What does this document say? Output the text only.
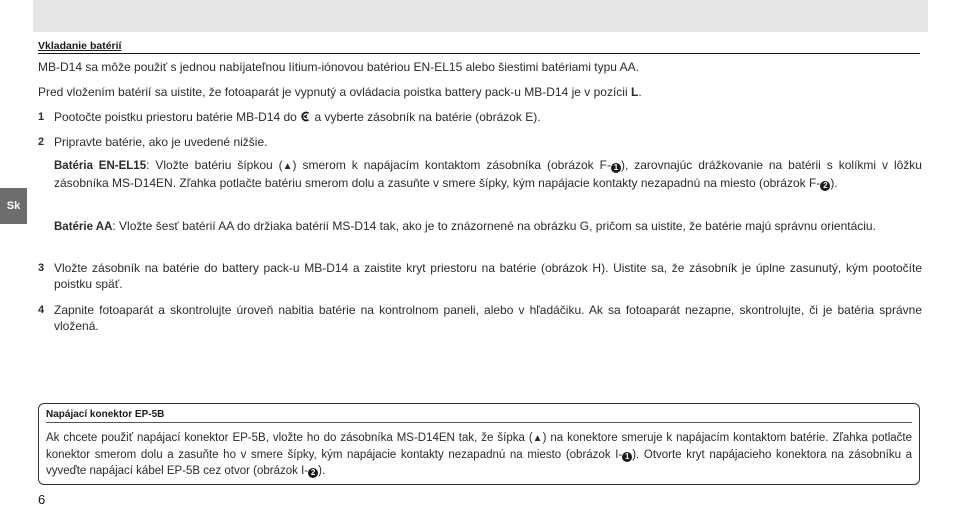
Sk
Vkladanie batérií
MB-D14 sa môže použiť s jednou nabíjateľnou lítium-iónovou batériou EN-EL15 alebo šiestimi batériami typu AA.
Pred vložením batérií sa uistite, že fotoaparát je vypnutý a ovládacia poistka battery pack-u MB-D14 je v pozícii L.
1 Pootočte poistku priestoru batérie MB-D14 do  a vyberte zásobník na batérie (obrázok E).
2 Pripravte batérie, ako je uvedené nižšie.
Batéria EN-EL15: Vložte batériu šípkou (▲) smerom k napájacím kontaktom zásobníka (obrázok F- 1 ), zarovnajúc drážkovanie na batérii s kolíkmi v lôžku zásobníka MS-D14EN. Zľahka potlačte batériu smerom dolu a zasuňte v smere šípky, kým napájacie kontakty nezapadnú na miesto (obrázok F- 2 ).
Batérie AA: Vložte šesť batérií AA do držiaka batérií MS-D14 tak, ako je to znázornené na obrázku G, pričom sa uistite, že batérie majú správnu orientáciu.
3 Vložte zásobník na batérie do battery pack-u MB-D14 a zaistite kryt priestoru na batérie (obrázok H). Uistite sa, že zásobník je úplne zasunutý, kým pootočíte poistku späť.
4 Zapnite fotoaparát a skontrolujte úroveň nabitia batérie na kontrolnom paneli, alebo v hľadáčiku. Ak sa fotoaparát nezapne, skontrolujte, či je batéria správne vložená.
Napájací konektor EP-5B
Ak chcete použiť napájací konektor EP-5B, vložte ho do zásobníka MS-D14EN tak, že šípka (▲) na konektore smeruje k napájacím kontaktom batérie. Zľahka potlačte konektor smerom dolu a zasuňte ho v smere šípky, kým napájacie kontakty nezapadnú na miesto (obrázok I- 1 ). Otvorte kryt napájacieho konektora na zásobníku a vyveďte napájací kábel EP-5B cez otvor (obrázok I- 2 ).
6
